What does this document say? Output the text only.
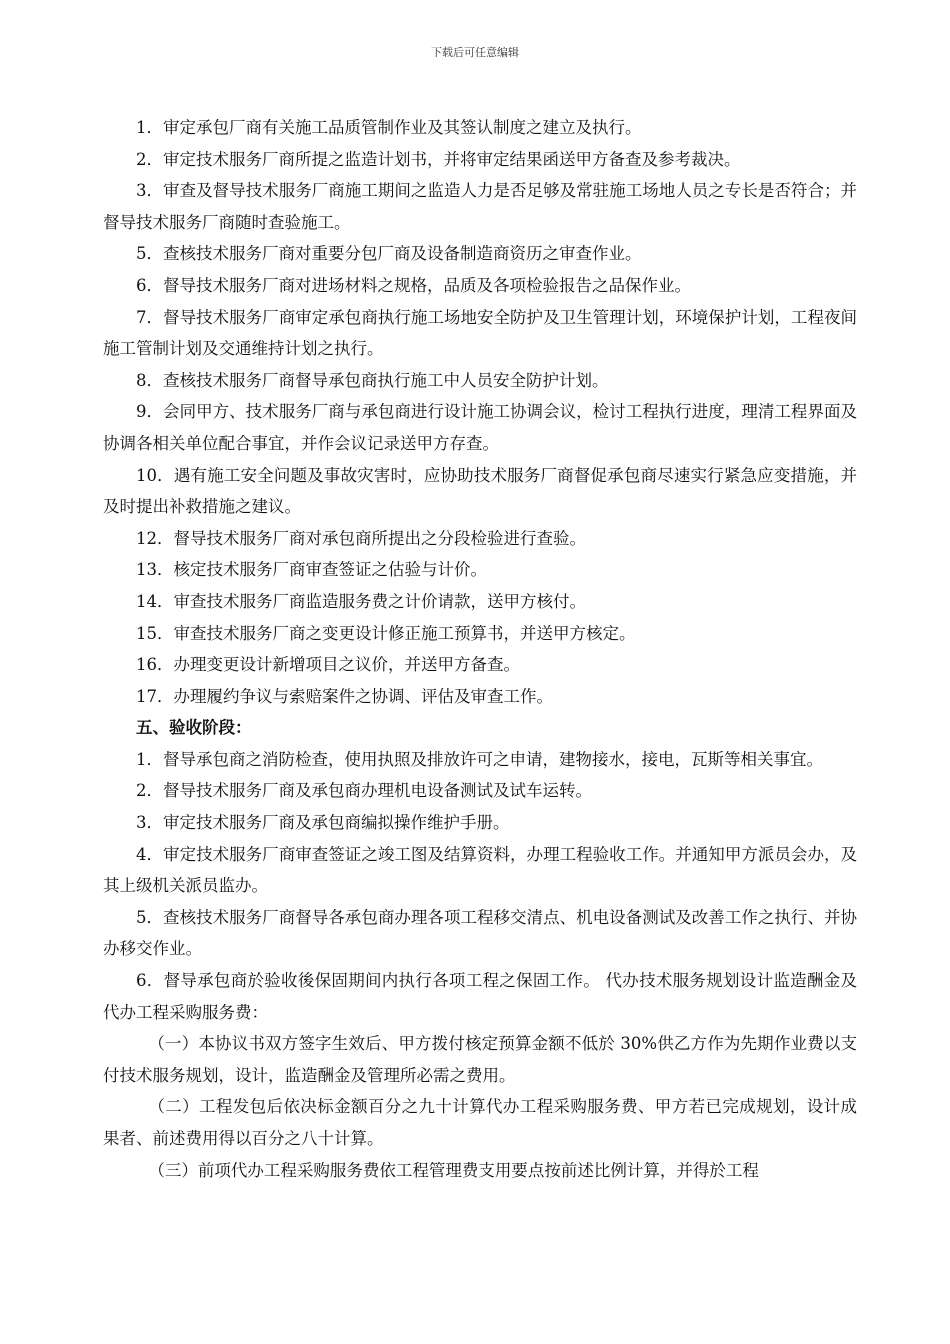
下载后可任意编辑

1．审定承包厂商有关施工品质管制作业及其签认制度之建立及执行。

2．审定技术服务厂商所提之监造计划书，并将审定结果函送甲方备查及参考裁决。

3．审查及督导技术服务厂商施工期间之监造人力是否足够及常驻施工场地人员之专长是否符合；并督导技术服务厂商随时查验施工。

5．查核技术服务厂商对重要分包厂商及设备制造商资历之审查作业。

6．督导技术服务厂商对进场材料之规格，品质及各项检验报告之品保作业。

7．督导技术服务厂商审定承包商执行施工场地安全防护及卫生管理计划，环境保护计划，工程夜间施工管制计划及交通维持计划之执行。

8．查核技术服务厂商督导承包商执行施工中人员安全防护计划。

9．会同甲方、技术服务厂商与承包商进行设计施工协调会议，检讨工程执行进度，理清工程界面及协调各相关单位配合事宜，并作会议记录送甲方存查。

10．遇有施工安全问题及事故灾害时，应协助技术服务厂商督促承包商尽速实行紧急应变措施，并及时提出补救措施之建议。

12．督导技术服务厂商对承包商所提出之分段检验进行查验。

13．核定技术服务厂商审查签证之估验与计价。

14．审查技术服务厂商监造服务费之计价请款，送甲方核付。

15．审查技术服务厂商之变更设计修正施工预算书，并送甲方核定。

16．办理变更设计新增项目之议价，并送甲方备查。

17．办理履约争议与索赔案件之协调、评估及审查工作。

五、验收阶段：

1．督导承包商之消防检查，使用执照及排放许可之申请，建物接水，接电，瓦斯等相关事宜。

2．督导技术服务厂商及承包商办理机电设备测试及试车运转。

3．审定技术服务厂商及承包商编拟操作维护手册。

4．审定技术服务厂商审查签证之竣工图及结算资料，办理工程验收工作。并通知甲方派员会办，及其上级机关派员监办。

5．查核技术服务厂商督导各承包商办理各项工程移交清点、机电设备测试及改善工作之执行、并协办移交作业。

6．督导承包商於验收後保固期间内执行各项工程之保固工作。 代办技术服务规划设计监造酬金及代办工程采购服务费：

（一）本协议书双方签字生效后、甲方拨付核定预算金额不低於 30%供乙方作为先期作业费以支付技术服务规划，设计，监造酬金及管理所必需之费用。

（二）工程发包后依决标金额百分之九十计算代办工程采购服务费、甲方若已完成规划，设计成果者、前述费用得以百分之八十计算。

（三）前项代办工程采购服务费依工程管理费支用要点按前述比例计算，并得於工程
